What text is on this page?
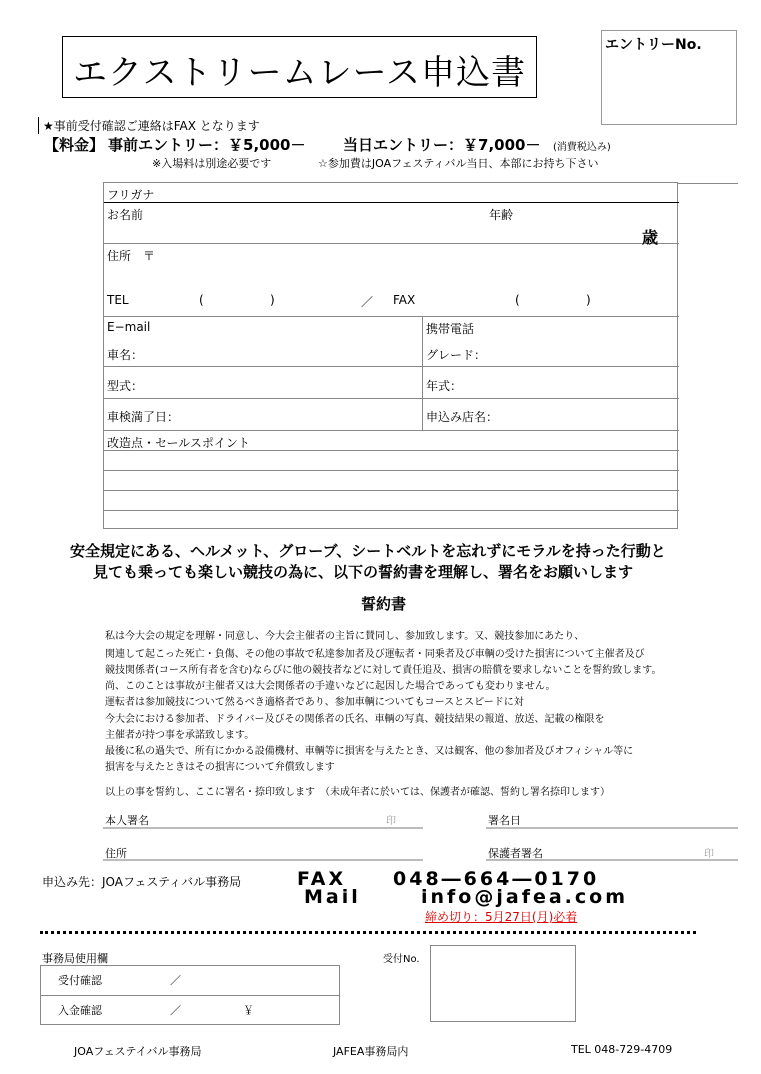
エクストリームレース申込書
エントリーNo.
★事前受付確認ご連絡はFAX となります
【料金】 事前エントリー：￥5,000－	当日エントリー：￥7,000－ (消費税込み)
※入場料は別途必要です	☆参加費はJOAフェスティバル当日、本部にお持ち下さい
フリガナ
お名前	年齢
歳
住所　〒
TEL	(	)	／ FAX	(	)
E−mail	携帯電話
車名：	グレード：
型式：	年式：
車検満了日：	申込み店名：
改造点・セールスポイント
安全規定にある、ヘルメット、グローブ、シートベルトを忘れずにモラルを持った行動と
見ても乗っても楽しい競技の為に、以下の誓約書を理解し、署名をお願いします
誓約書
私は今大会の規定を理解・同意し、今大会主催者の主旨に賛同し、参加致します。又、競技参加にあたり、
関連して起こった死亡・負傷、その他の事故で私達参加者及び運転者・同乗者及び車輌の受けた損害について主催者及び
競技関係者(コース所有者を含む)ならびに他の競技者などに対して責任追及、損害の賠償を要求しないことを誓約致します。
尚、このことは事故が主催者又は大会関係者の手違いなどに起因した場合であっても変わりません。
運転者は参加競技について然るべき適格者であり、参加車輌についてもコースとスピードに対
今大会における参加者、ドライバー及びその関係者の氏名、車輌の写真、競技結果の報道、放送、記載の権限を
主催者が持つ事を承諾致します。
最後に私の過失で、所有にかかる設備機材、車輌等に損害を与えたとき、又は観客、他の参加者及びオフィシャル等に
損害を与えたときはその損害について弁償致します
以上の事を誓約し、ここに署名・捺印致します　（未成年者に於いては、保護者が確認、誓約し署名捺印します）
本人署名	印	署名日
住所	保護者署名	印
申込み先：JOAフェスティバル事務局	FAX 048―664―0170
Mail	info@jafea.com
締め切り：5月27日(月)必着
事務局使用欄
受付確認	／
入金確認	／	￥
受付No.
JOAフェステイバル事務局	JAFEA事務局内	TEL 048-729-4709
